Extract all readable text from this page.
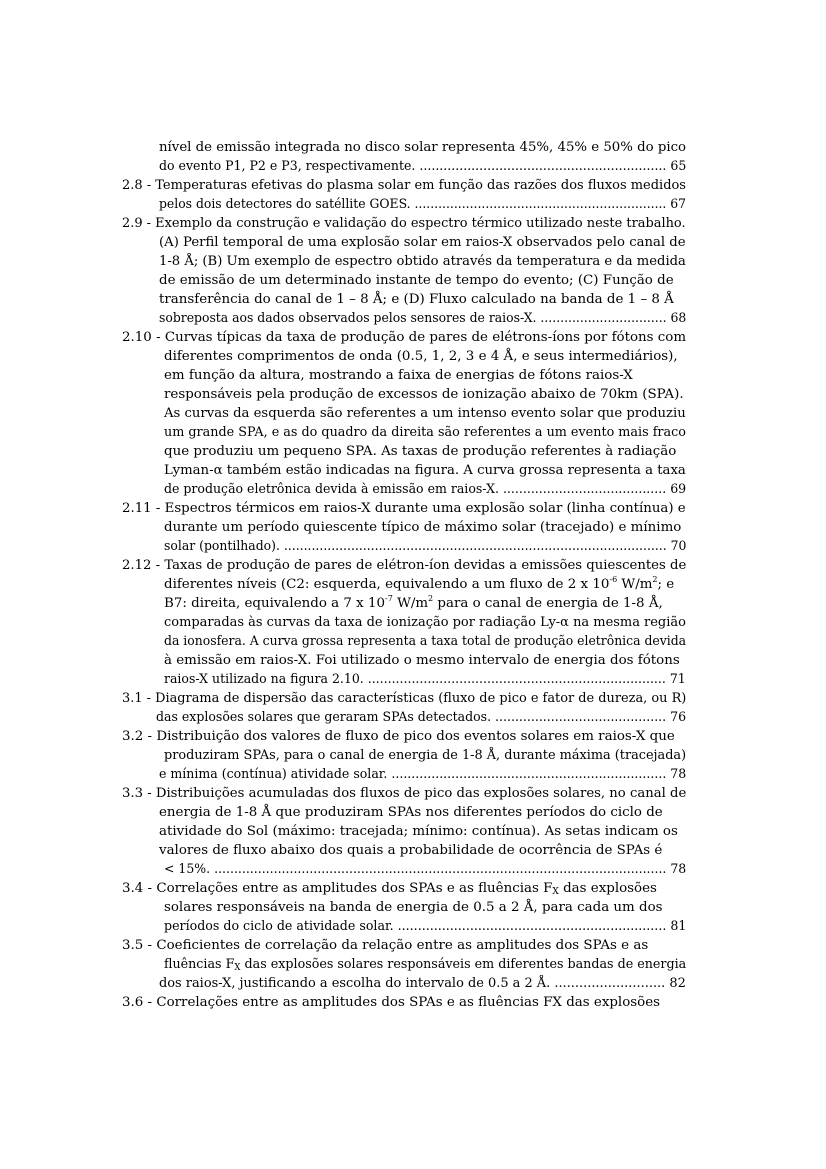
nível de emissão integrada no disco solar representa 45%, 45% e 50% do pico
do evento P1, P2 e P3, respectivamente. .............................................................. 65
2.8 - Temperaturas efetivas do plasma solar em função das razões dos fluxos medidos
pelos dois detectores do satéllite GOES. ................................................................ 67
2.9 - Exemplo da construção e validação do espectro térmico utilizado neste trabalho.
(A) Perfil temporal de uma explosão solar em raios-X observados pelo canal de
1-8 Å; (B) Um exemplo de espectro obtido através da temperatura e da medida
de emissão de um determinado instante de tempo do evento; (C) Função de
transferência do canal de 1 – 8 Å; e (D) Fluxo calculado na banda de 1 – 8 Å
sobreposta aos dados observados pelos sensores de raios-X. ................................ 68
2.10 - Curvas típicas da taxa de produção de pares de elétrons-íons por fótons com
diferentes comprimentos de onda (0.5, 1, 2, 3 e 4 Å, e seus intermediários),
em função da altura, mostrando a faixa de energias de fótons raios-X
responsáveis pela produção de excessos de ionização abaixo de 70km (SPA).
As curvas da esquerda são referentes a um intenso evento solar que produziu
um grande SPA, e as do quadro da direita são referentes a um evento mais fraco
que produziu um pequeno SPA. As taxas de produção referentes à radiação
Lyman-α também estão indicadas na figura. A curva grossa representa a taxa
de produção eletrônica devida à emissão em raios-X. ......................................... 69
2.11 - Espectros térmicos em raios-X durante uma explosão solar (linha contínua) e
durante um período quiescente típico de máximo solar (tracejado) e mínimo
solar (pontilhado). ................................................................................................. 70
2.12 - Taxas de produção de pares de elétron-íon devidas a emissões quiescentes de
diferentes níveis (C2: esquerda, equivalendo a um fluxo de 2 x $10^{-6}$ $W/m^2$; e
B7: direita, equivalendo a 7 x $10^{-7}$ $W/m^2$ para o canal de energia de 1-8 Å,
comparadas às curvas da taxa de ionização por radiação Ly-α na mesma região
da ionosfera. A curva grossa representa a taxa total de produção eletrônica devida
à emissão em raios-X. Foi utilizado o mesmo intervalo de energia dos fótons
raios-X utilizado na figura 2.10. ........................................................................... 71
3.1 - Diagrama de dispersão das características (fluxo de pico e fator de dureza, ou R)
das explosões solares que geraram SPAs detectados. ........................................... 76
3.2 - Distribuição dos valores de fluxo de pico dos eventos solares em raios-X que
produziram SPAs, para o canal de energia de 1-8 Å, durante máxima (tracejada)
e mínima (contínua) atividade solar. ..................................................................... 78
3.3 - Distribuições acumuladas dos fluxos de pico das explosões solares, no canal de
energia de 1-8 Å que produziram SPAs nos diferentes períodos do ciclo de
atividade do Sol (máximo: tracejada; mínimo: contínua). As setas indicam os
valores de fluxo abaixo dos quais a probabilidade de ocorrência de SPAs é
< 15%. .................................................................................................................. 78
3.4 - Correlações entre as amplitudes dos SPAs e as fluências $F_X$ das explosões
solares responsáveis na banda de energia de 0.5 a 2 Å, para cada um dos
períodos do ciclo de atividade solar. ................................................................... 81
3.5 - Coeficientes de correlação da relação entre as amplitudes dos SPAs e as
fluências $F_X$ das explosões solares responsáveis em diferentes bandas de energia
dos raios-X, justificando a escolha do intervalo de 0.5 a 2 Å. ........................... 82
3.6 - Correlações entre as amplitudes dos SPAs e as fluências FX das explosões
